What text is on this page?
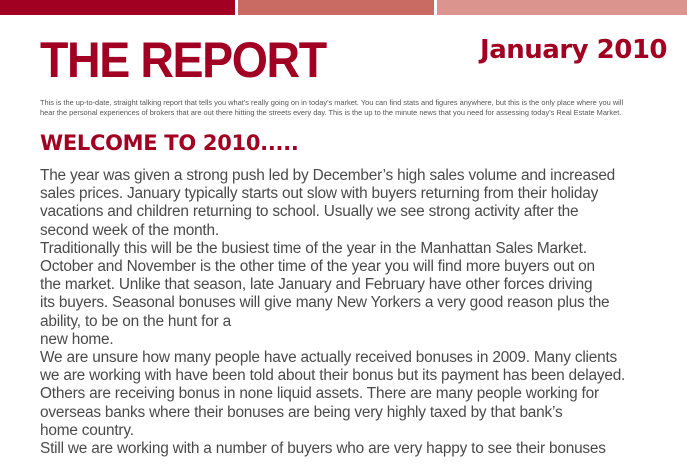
THE REPORT	January 2010
This is the up-to-date, straight talking report that tells you what’s really going on in today’s market. You can find stats and figures anywhere, but this is the only place where you will
hear the personal experiences of brokers that are out there hitting the streets every day. This is the up to the minute news that you need for assessing today’s Real Estate Market.
WELCOME TO 2010.....

The year was given a strong push led by December’s high sales volume and increased

sales prices. January typically starts out slow with buyers returning from their holiday

vacations and children returning to school. Usually we see strong activity after the

second week of the month.

Traditionally this will be the busiest time of the year in the Manhattan Sales Market.

October and November is the other time of the year you will find more buyers out on

the market. Unlike that season, late January and February have other forces driving

its buyers. Seasonal bonuses will give many New Yorkers a very good reason plus the

ability, to be on the hunt for a

new home.

We are unsure how many people have actually received bonuses in 2009. Many clients

we are working with have been told about their bonus but its payment has been delayed.

Others are receiving bonus in none liquid assets. There are many people working for

overseas banks where their bonuses are being very highly taxed by that bank’s

home country.

Still we are working with a number of buyers who are very happy to see their bonuses
